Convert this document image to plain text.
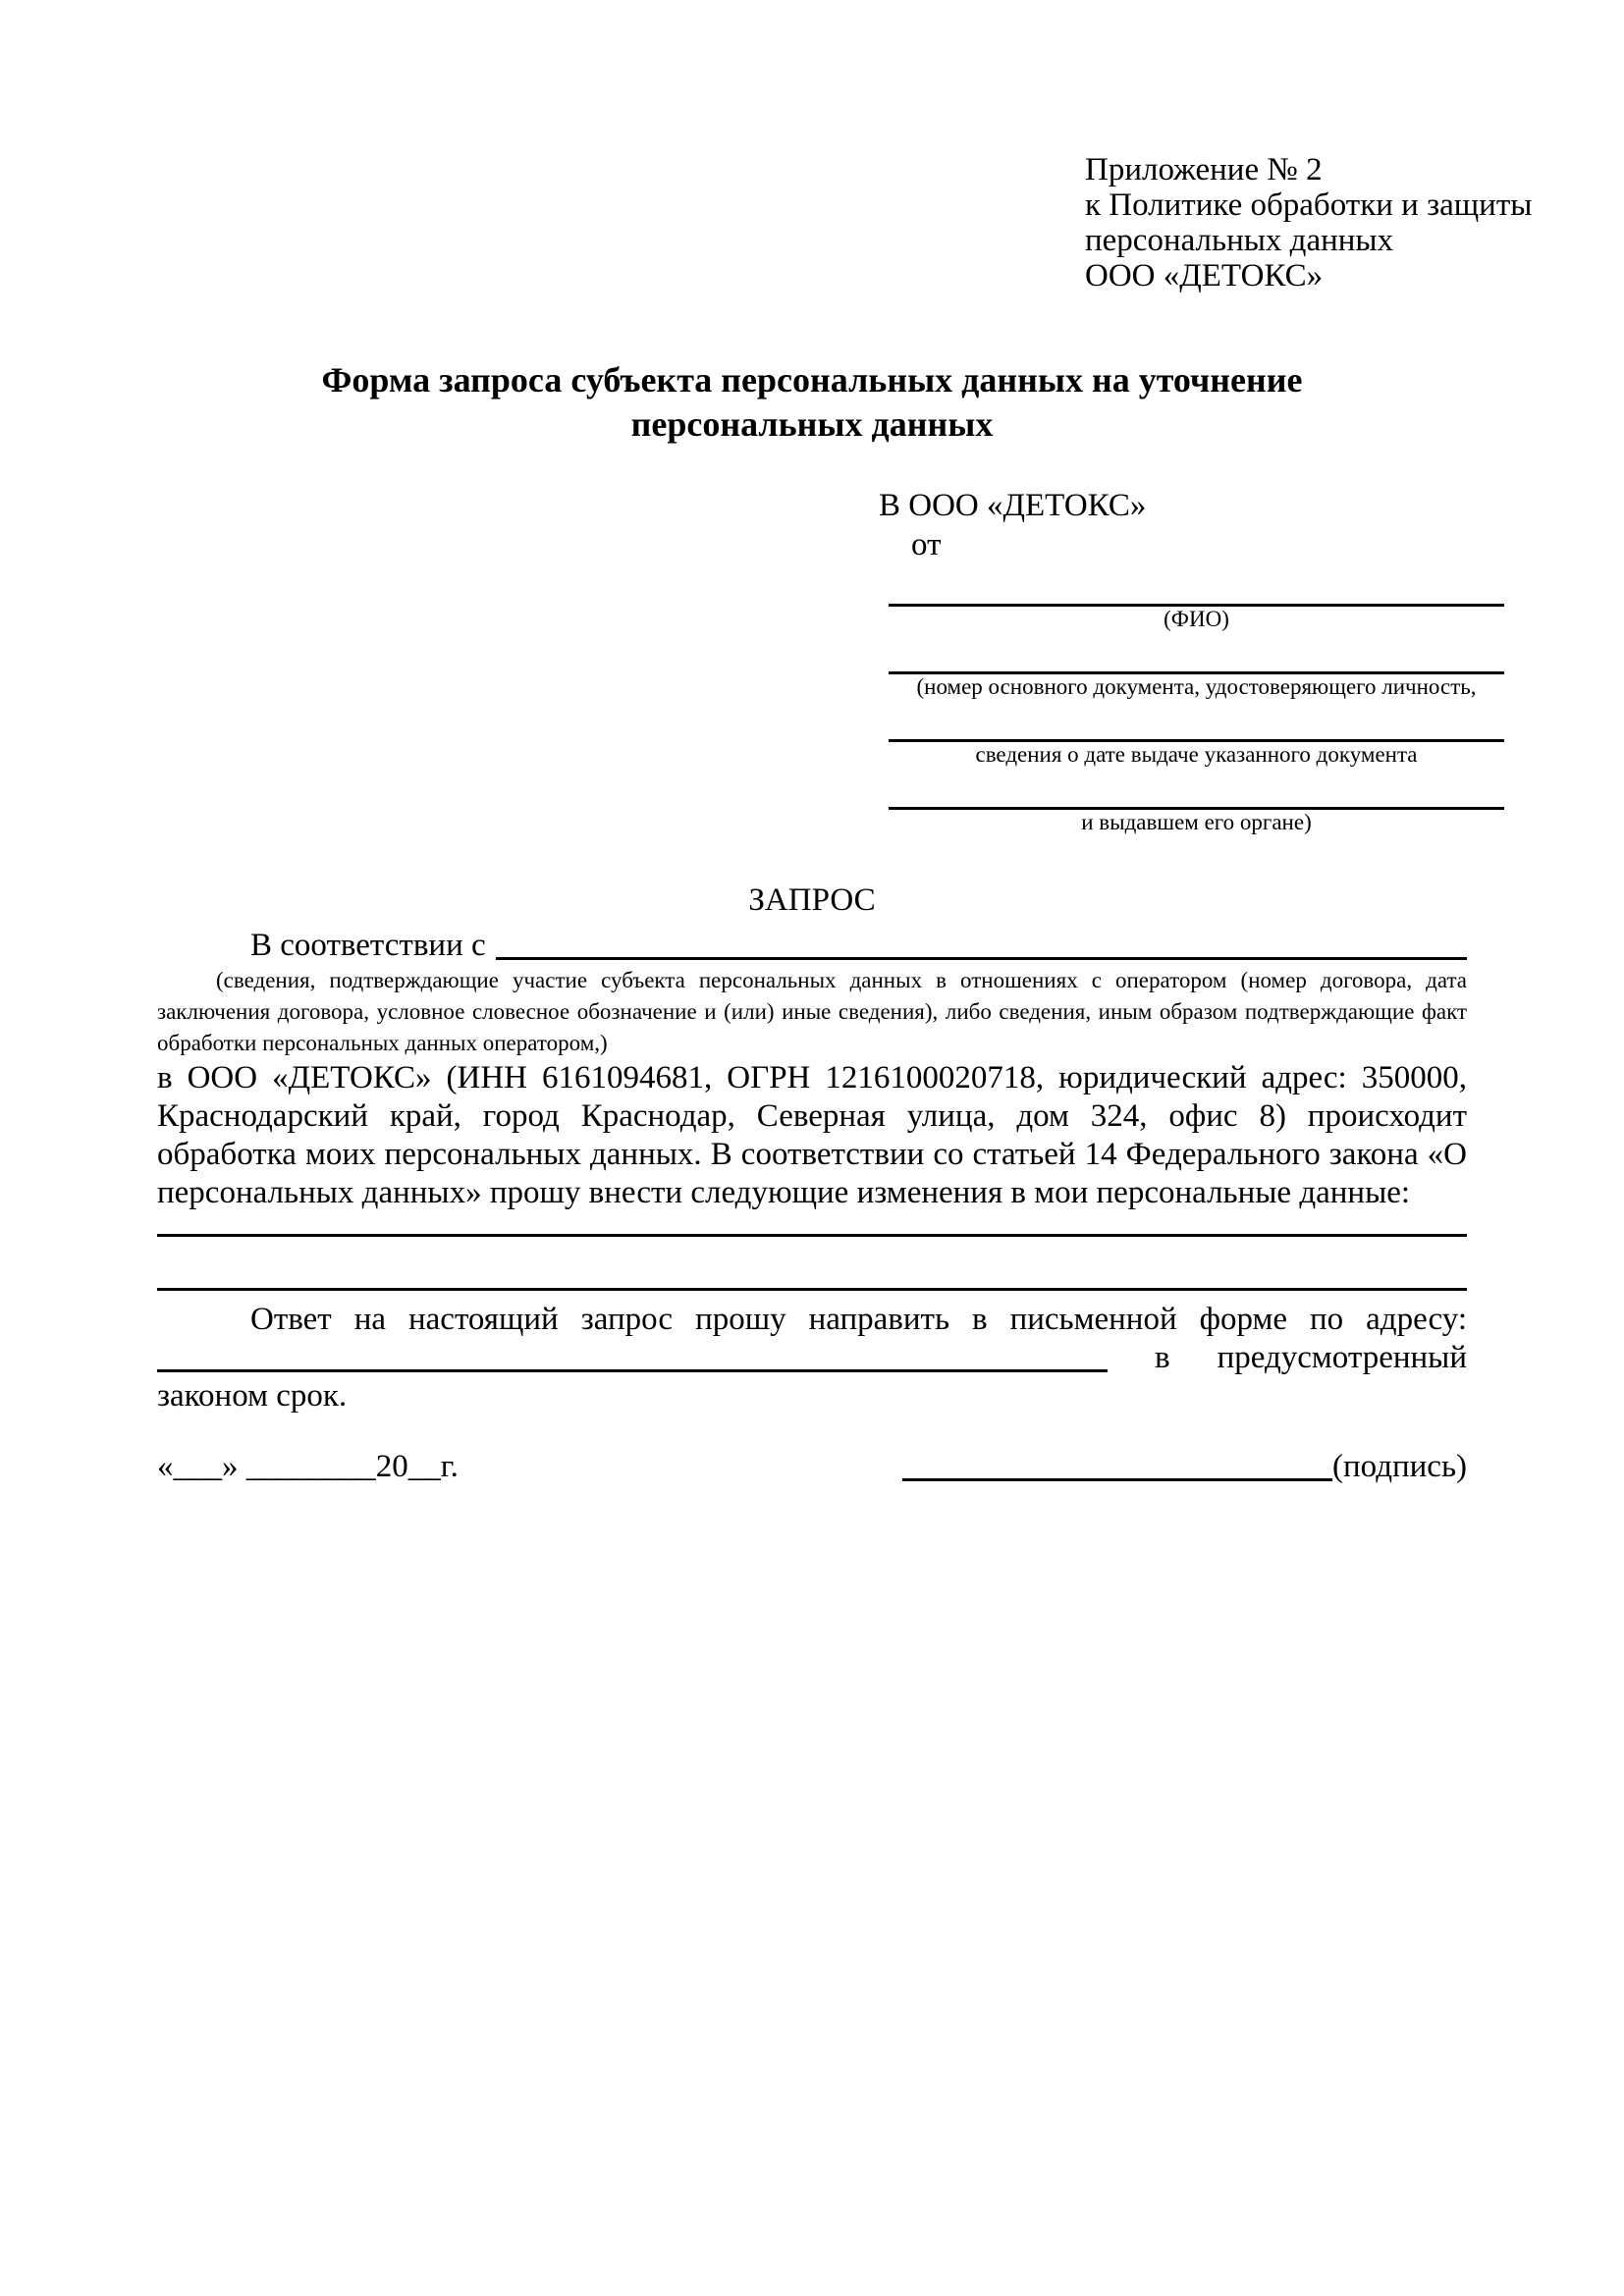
Приложение № 2
к Политике обработки и защиты
персональных данных
ООО «ДЕТОКС»
Форма запроса субъекта персональных данных на уточнение персональных данных
В ООО «ДЕТОКС»
от
(ФИО)
(номер основного документа, удостоверяющего личность,
сведения о дате выдаче указанного документа
и выдавшем его органе)
ЗАПРОС
В соответствии с
(сведения, подтверждающие участие субъекта персональных данных в отношениях с оператором (номер договора, дата заключения договора, условное словесное обозначение и (или) иные сведения), либо сведения, иным образом подтверждающие факт обработки персональных данных оператором,)
в ООО «ДЕТОКС» (ИНН 6161094681, ОГРН 1216100020718, юридический адрес: 350000, Краснодарский край, город Краснодар, Северная улица, дом 324, офис 8) происходит обработка моих персональных данных. В соответствии со статьей 14 Федерального закона «О персональных данных» прошу внести следующие изменения в мои персональные данные:
Ответ на настоящий запрос прошу направить в письменной форме по адресу:
в предусмотренный
законом срок.
«___» ________20__г.	(подпись)
